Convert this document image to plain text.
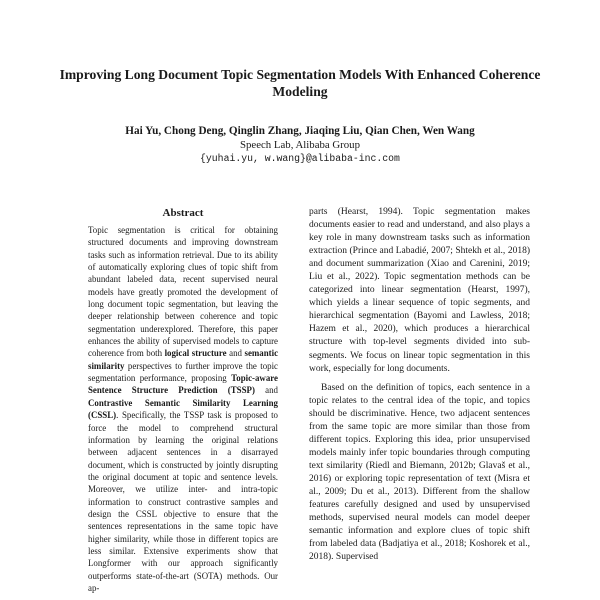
Improving Long Document Topic Segmentation Models With Enhanced Coherence Modeling
Hai Yu, Chong Deng, Qinglin Zhang, Jiaqing Liu, Qian Chen, Wen Wang
Speech Lab, Alibaba Group
{yuhai.yu, w.wang}@alibaba-inc.com
Abstract
Topic segmentation is critical for obtaining structured documents and improving downstream tasks such as information retrieval. Due to its ability of automatically exploring clues of topic shift from abundant labeled data, recent supervised neural models have greatly promoted the development of long document topic segmentation, but leaving the deeper relationship between coherence and topic segmentation underexplored. Therefore, this paper enhances the ability of supervised models to capture coherence from both logical structure and semantic similarity perspectives to further improve the topic segmentation performance, proposing Topic-aware Sentence Structure Prediction (TSSP) and Contrastive Semantic Similarity Learning (CSSL). Specifically, the TSSP task is proposed to force the model to comprehend structural information by learning the original relations between adjacent sentences in a disarrayed document, which is constructed by jointly disrupting the original document at topic and sentence levels. Moreover, we utilize inter- and intra-topic information to construct contrastive samples and design the CSSL objective to ensure that the sentences representations in the same topic have higher similarity, while those in different topics are less similar. Extensive experiments show that Longformer with our approach significantly outperforms state-of-the-art (SOTA) methods. Our ap-

parts (Hearst, 1994). Topic segmentation makes documents easier to read and understand, and also plays a key role in many downstream tasks such as information extraction (Prince and Labadié, 2007; Shtekh et al., 2018) and document summarization (Xiao and Carenini, 2019; Liu et al., 2022). Topic segmentation methods can be categorized into linear segmentation (Hearst, 1997), which yields a linear sequence of topic segments, and hierarchical segmentation (Bayomi and Lawless, 2018; Hazem et al., 2020), which produces a hierarchical structure with top-level segments divided into sub-segments. We focus on linear topic segmentation in this work, especially for long documents.

Based on the definition of topics, each sentence in a topic relates to the central idea of the topic, and topics should be discriminative. Hence, two adjacent sentences from the same topic are more similar than those from different topics. Exploring this idea, prior unsupervised models mainly infer topic boundaries through computing text similarity (Riedl and Biemann, 2012b; Glavaš et al., 2016) or exploring topic representation of text (Misra et al., 2009; Du et al., 2013). Different from the shallow features carefully designed and used by unsupervised methods, supervised neural models can model deeper semantic information and explore clues of topic shift from labeled data (Badjatiya et al., 2018; Koshorek et al., 2018). Supervised
